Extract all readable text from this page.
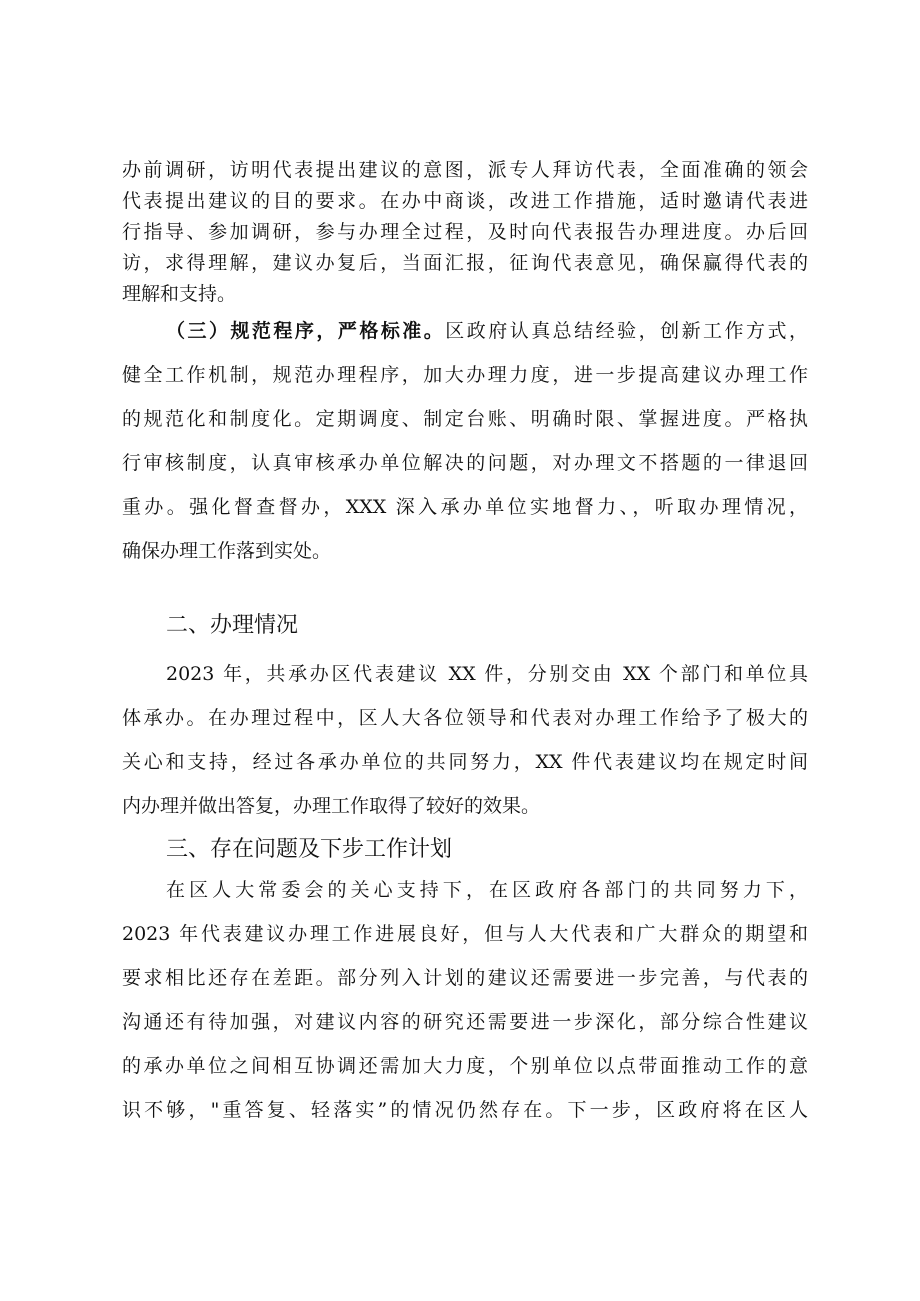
办前调研，访明代表提出建议的意图，派专人拜访代表，全面准确的领会
代表提出建议的目的要求。在办中商谈，改进工作措施，适时邀请代表进
行指导、参加调研，参与办理全过程，及时向代表报告办理进度。办后回
访，求得理解，建议办复后，当面汇报，征询代表意见，确保赢得代表的
理解和支持。
（三）规范程序，严格标准。区政府认真总结经验，创新工作方式，
健全工作机制，规范办理程序，加大办理力度，进一步提高建议办理工作
的规范化和制度化。定期调度、制定台账、明确时限、掌握进度。严格执
行审核制度，认真审核承办单位解决的问题，对办理文不搭题的一律退回
重办。强化督查督办，XXX 深入承办单位实地督力、，听取办理情况，
确保办理工作落到实处。
二、办理情况
2023 年，共承办区代表建议 XX 件，分别交由 XX 个部门和单位具
体承办。在办理过程中，区人大各位领导和代表对办理工作给予了极大的
关心和支持，经过各承办单位的共同努力，XX 件代表建议均在规定时间
内办理并做出答复，办理工作取得了较好的效果。
三、存在问题及下步工作计划
在区人大常委会的关心支持下，在区政府各部门的共同努力下，
2023 年代表建议办理工作进展良好，但与人大代表和广大群众的期望和
要求相比还存在差距。部分列入计划的建议还需要进一步完善，与代表的
沟通还有待加强，对建议内容的研究还需要进一步深化，部分综合性建议
的承办单位之间相互协调还需加大力度，个别单位以点带面推动工作的意
识不够，"重答复、轻落实”的情况仍然存在。下一步，区政府将在区人
